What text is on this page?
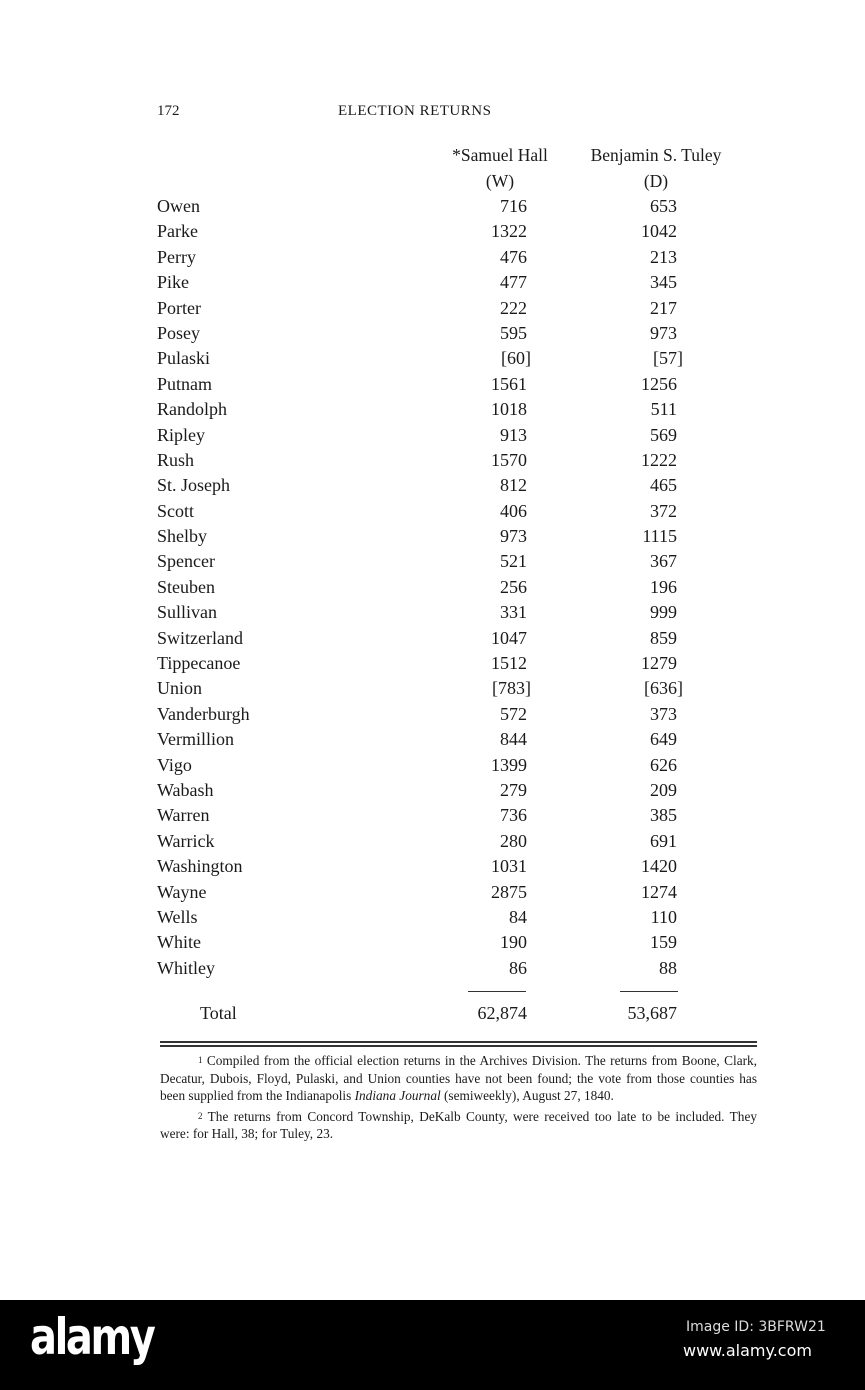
172	ELECTION RETURNS
*Samuel Hall	Benjamin S. Tuley
(W)	(D)
Owen	716	653
Parke	1322	1042
Perry	476	213
Pike	477	345
Porter	222	217
Posey	595	973
Pulaski	[60]	[57]
Putnam	1561	1256
Randolph	1018	511
Ripley	913	569
Rush	1570	1222
St. Joseph	812	465
Scott	406	372
Shelby	973	1115
Spencer	521	367
Steuben	256	196
Sullivan	331	999
Switzerland	1047	859
Tippecanoe	1512	1279
Union	[783]	[636]
Vanderburgh	572	373
Vermillion	844	649
Vigo	1399	626
Wabash	279	209
Warren	736	385
Warrick	280	691
Washington	1031	1420
Wayne	2875	1274
Wells	84	110
White	190	159
Whitley	86	88
Total	62,874	53,687

$^1$ Compiled from the official election returns in the Archives Division. The returns from Boone, Clark, Decatur, Dubois, Floyd, Pulaski, and Union counties have not been found; the vote from those counties has been supplied from the Indianapolis Indiana Journal (semiweekly), August 27, 1840.

$^2$ The returns from Concord Township, DeKalb County, were received too late to be included. They were: for Hall, 38; for Tuley, 23.

alamy	Image ID: 3BFRW21
www.alamy.com
